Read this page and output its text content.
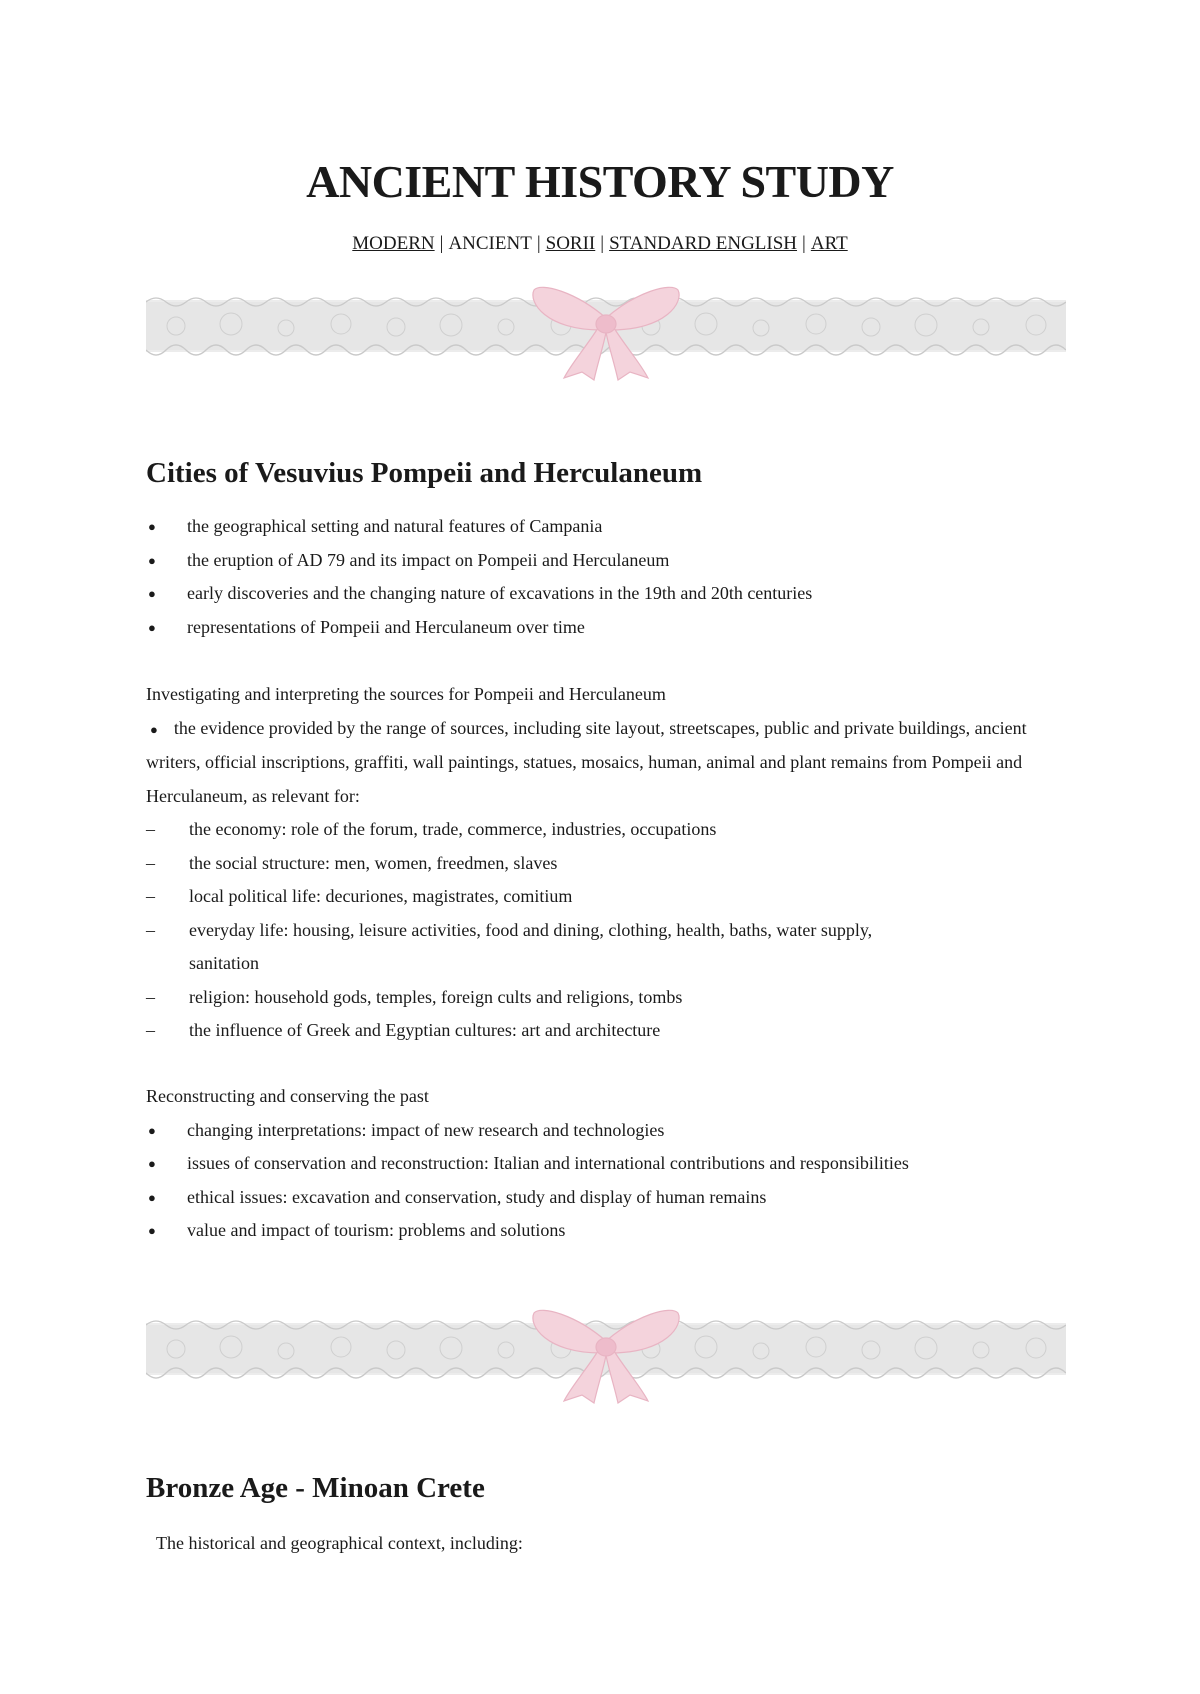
ANCIENT HISTORY STUDY
MODERN | ANCIENT | SORII | STANDARD ENGLISH | ART
Cities of Vesuvius Pompeii and Herculaneum
● the geographical setting and natural features of Campania
● the eruption of AD 79 and its impact on Pompeii and Herculaneum
● early discoveries and the changing nature of excavations in the 19th and 20th centuries
● representations of Pompeii and Herculaneum over time

Investigating and interpreting the sources for Pompeii and Herculaneum

● the evidence provided by the range of sources, including site layout, streetscapes, public and private buildings, ancient writers, official inscriptions, graffiti, wall paintings, statues, mosaics, human, animal and plant remains from Pompeii and Herculaneum, as relevant for:

– the economy: role of the forum, trade, commerce, industries, occupations
– the social structure: men, women, freedmen, slaves
– local political life: decuriones, magistrates, comitium
– everyday life: housing, leisure activities, food and dining, clothing, health, baths, water supply, sanitation
– religion: household gods, temples, foreign cults and religions, tombs
– the influence of Greek and Egyptian cultures: art and architecture

Reconstructing and conserving the past

● changing interpretations: impact of new research and technologies
● issues of conservation and reconstruction: Italian and international contributions and responsibilities
● ethical issues: excavation and conservation, study and display of human remains
● value and impact of tourism: problems and solutions
Bronze Age - Minoan Crete

The historical and geographical context, including:
